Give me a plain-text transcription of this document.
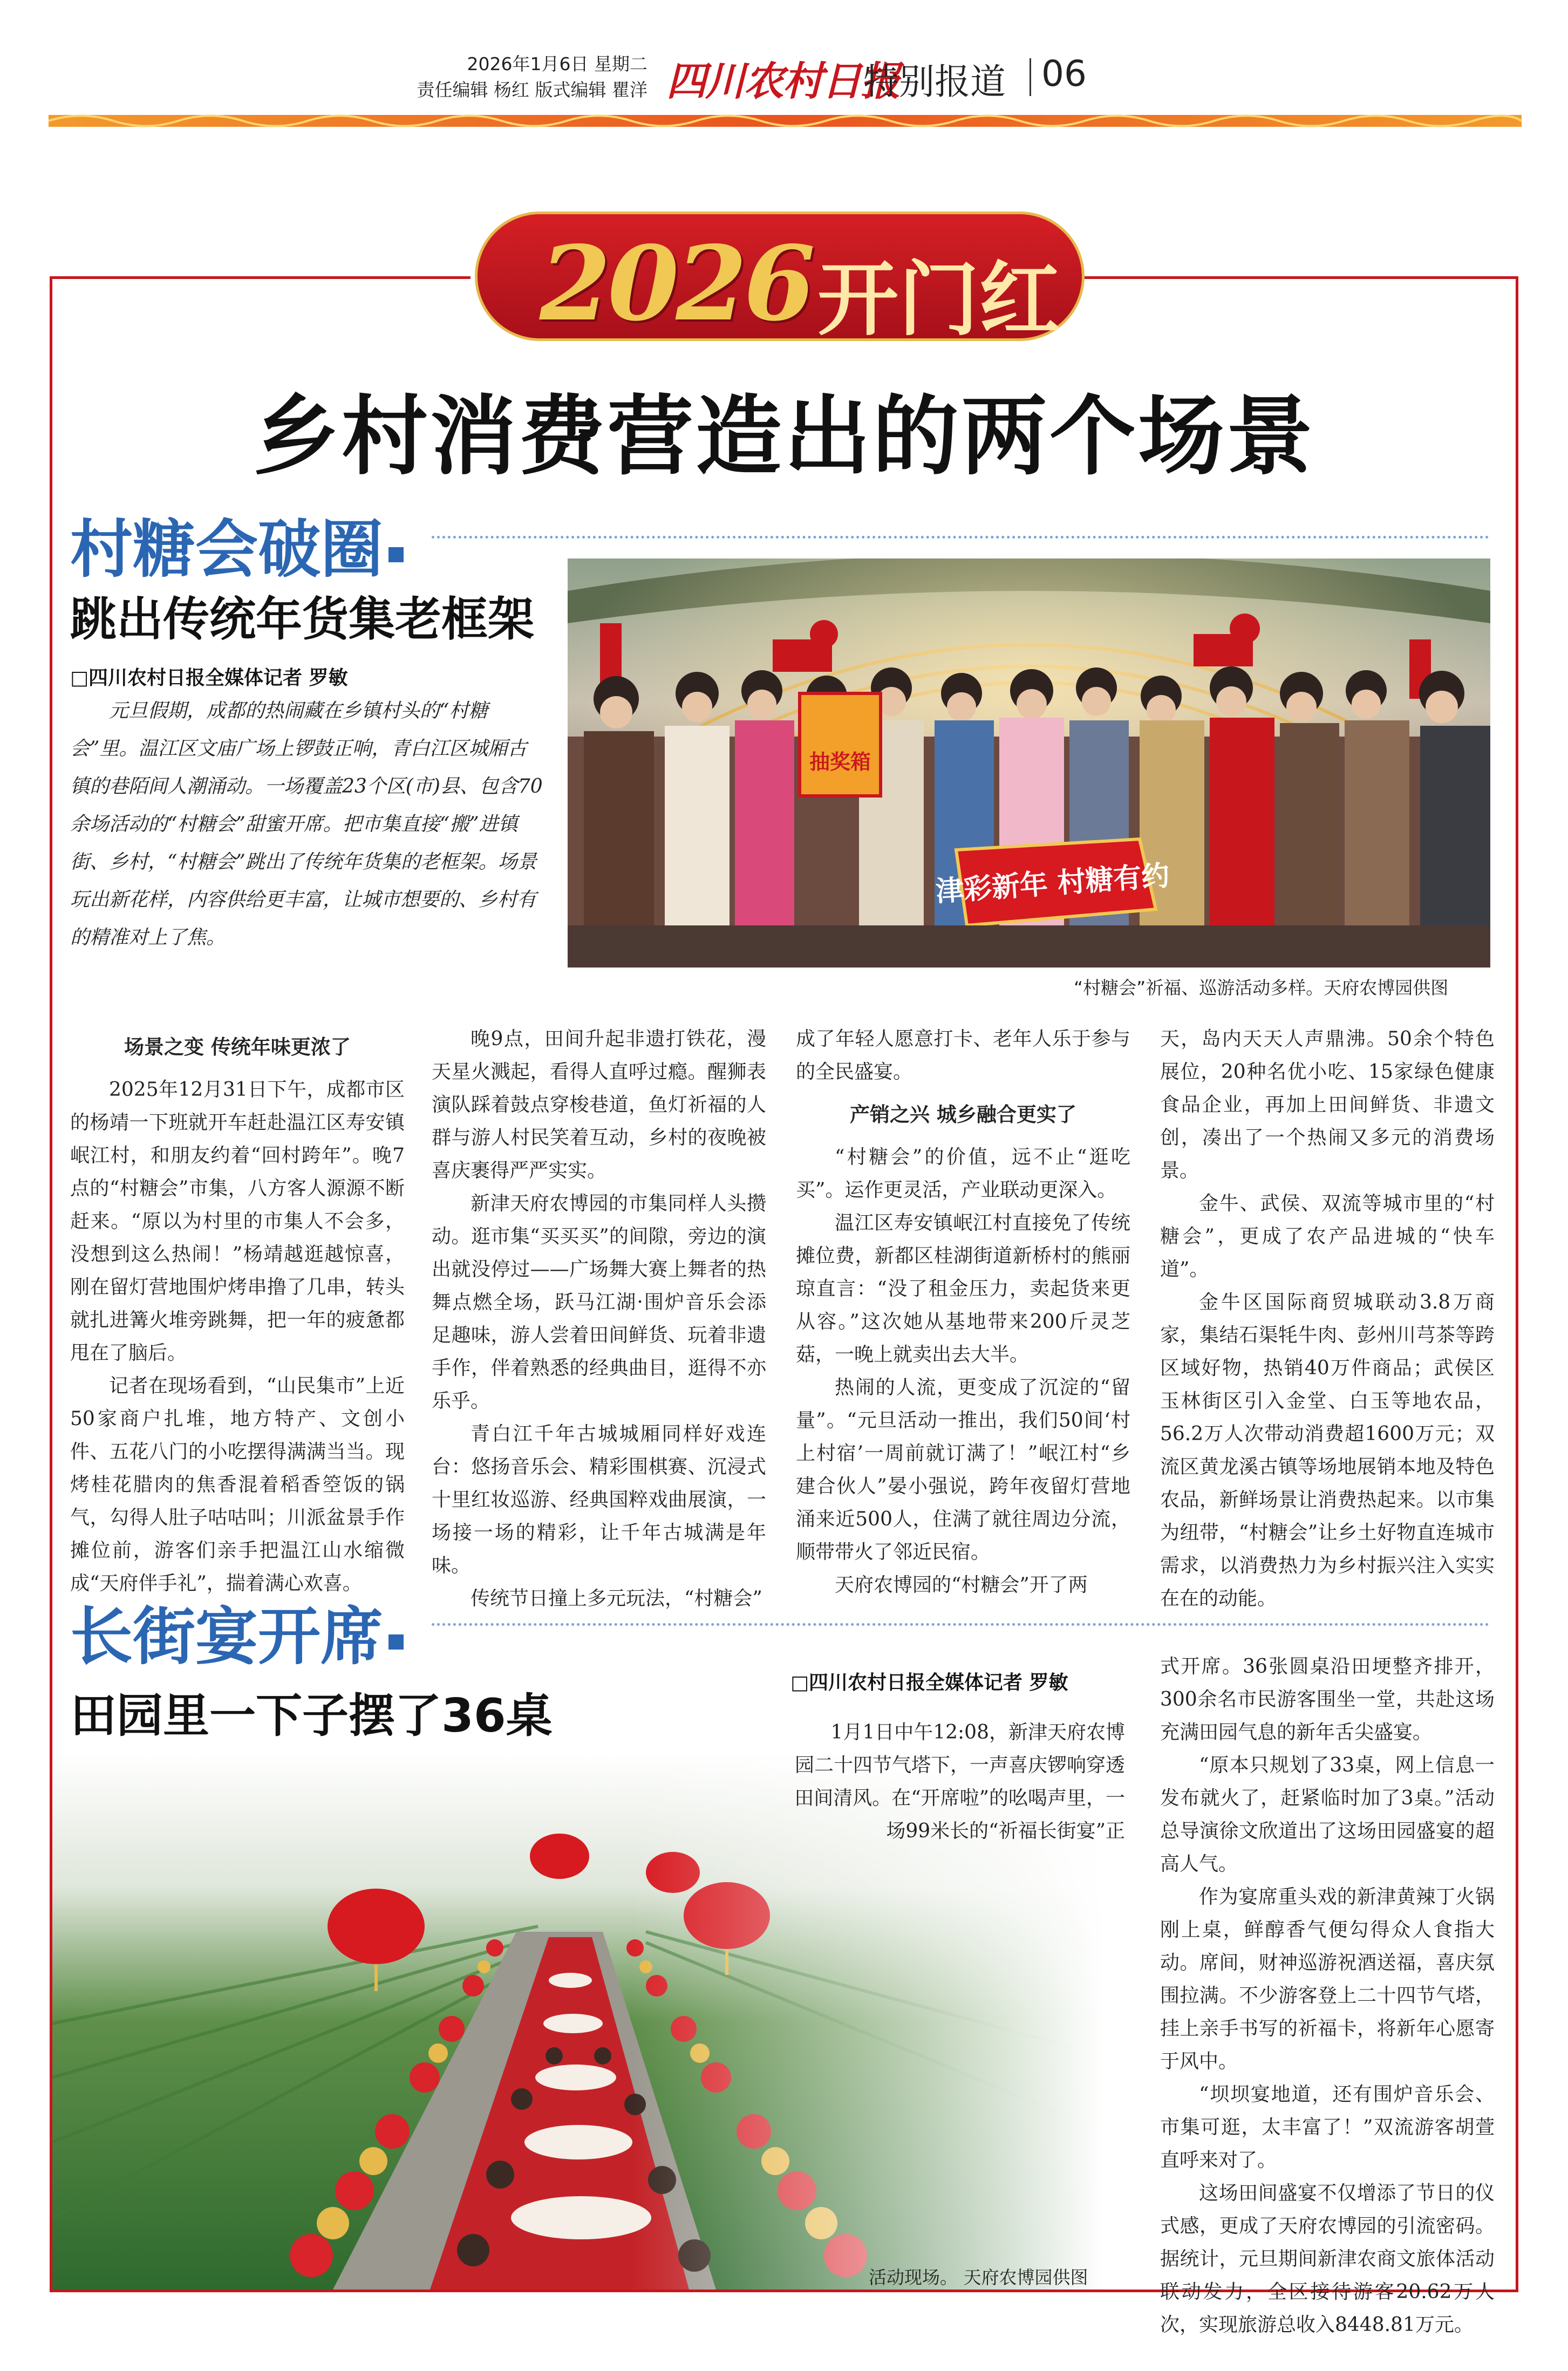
2026年1月6日 星期二
责任编辑 杨红 版式编辑 瞿洋 四川农村日报
特别报道 06
2026 开门红
乡村消费营造出的两个场景
村糖会破圈
跳出传统年货集老框架
□四川农村日报全媒体记者 罗敏
元旦假期，成都的热闹藏在乡镇村头的“村糖会”里。温江区文庙广场上锣鼓正响，青白江区城厢古镇的巷陌间人潮涌动。一场覆盖23个区(市)县、包含70余场活动的“村糖会”甜蜜开席。把市集直接“搬”进镇街、乡村，“村糖会”跳出了传统年货集的老框架。场景玩出新花样，内容供给更丰富，让城市想要的、乡村有的精准对上了焦。
抽奖箱
津彩新年 村糖有约
“村糖会”祈福、巡游活动多样。天府农博园供图

场景之变 传统年味更浓了

2025年12月31日下午，成都市区的杨靖一下班就开车赶赴温江区寿安镇岷江村，和朋友约着“回村跨年”。晚7点的“村糖会”市集，八方客人源源不断赶来。“原以为村里的市集人不会多，没想到这么热闹！”杨靖越逛越惊喜，刚在留灯营地围炉烤串撸了几串，转头就扎进篝火堆旁跳舞，把一年的疲惫都甩在了脑后。

记者在现场看到，“山民集市”上近50家商户扎堆，地方特产、文创小件、五花八门的小吃摆得满满当当。现烤桂花腊肉的焦香混着稻香箜饭的锅气，勾得人肚子咕咕叫；川派盆景手作摊位前，游客们亲手把温江山水缩微成“天府伴手礼”，揣着满心欢喜。

晚9点，田间升起非遗打铁花，漫天星火溅起，看得人直呼过瘾。醒狮表演队踩着鼓点穿梭巷道，鱼灯祈福的人群与游人村民笑着互动，乡村的夜晚被喜庆裹得严严实实。

新津天府农博园的市集同样人头攒动。逛市集“买买买”的间隙，旁边的演出就没停过——广场舞大赛上舞者的热舞点燃全场，跃马江湖·围炉音乐会添足趣味，游人尝着田间鲜货、玩着非遗手作，伴着熟悉的经典曲目，逛得不亦乐乎。

青白江千年古城城厢同样好戏连台：悠扬音乐会、精彩围棋赛、沉浸式十里红妆巡游、经典国粹戏曲展演，一场接一场的精彩，让千年古城满是年味。

传统节日撞上多元玩法，“村糖会”

成了年轻人愿意打卡、老年人乐于参与的全民盛宴。

产销之兴 城乡融合更实了

“村糖会”的价值，远不止“逛吃买”。运作更灵活，产业联动更深入。

温江区寿安镇岷江村直接免了传统摊位费，新都区桂湖街道新桥村的熊丽琼直言：“没了租金压力，卖起货来更从容。”这次她从基地带来200斤灵芝菇，一晚上就卖出去大半。

热闹的人流，更变成了沉淀的“留量”。“元旦活动一推出，我们50间‘村上村宿’一周前就订满了！”岷江村“乡建合伙人”晏小强说，跨年夜留灯营地涌来近500人，住满了就往周边分流，顺带带火了邻近民宿。

天府农博园的“村糖会”开了两

天，岛内天天人声鼎沸。50余个特色展位，20种名优小吃、15家绿色健康食品企业，再加上田间鲜货、非遗文创，凑出了一个热闹又多元的消费场景。

金牛、武侯、双流等城市里的“村糖会”，更成了农产品进城的“快车道”。

金牛区国际商贸城联动3.8万商家，集结石渠牦牛肉、彭州川芎茶等跨区域好物，热销40万件商品；武侯区玉林街区引入金堂、白玉等地农品，56.2万人次带动消费超1600万元；双流区黄龙溪古镇等场地展销本地及特色农品，新鲜场景让消费热起来。以市集为纽带，“村糖会”让乡土好物直连城市需求，以消费热力为乡村振兴注入实实在在的动能。

长街宴开席
田园里一下子摆了36桌
活动现场。 天府农博园供图
□四川农村日报全媒体记者 罗敏

1月1日中午12:08，新津天府农博园二十四节气塔下，一声喜庆锣响穿透田间清风。在“开席啦”的吆喝声里，一场99米长的“祈福长街宴”正

式开席。36张圆桌沿田埂整齐排开，300余名市民游客围坐一堂，共赴这场充满田园气息的新年舌尖盛宴。

“原本只规划了33桌，网上信息一发布就火了，赶紧临时加了3桌。”活动总导演徐文欣道出了这场田园盛宴的超高人气。

作为宴席重头戏的新津黄辣丁火锅刚上桌，鲜醇香气便勾得众人食指大动。席间，财神巡游祝酒送福，喜庆氛围拉满。不少游客登上二十四节气塔，挂上亲手书写的祈福卡，将新年心愿寄于风中。

“坝坝宴地道，还有围炉音乐会、市集可逛，太丰富了！”双流游客胡萱直呼来对了。

这场田间盛宴不仅增添了节日的仪式感，更成了天府农博园的引流密码。据统计，元旦期间新津农商文旅体活动联动发力，全区接待游客20.62万人次，实现旅游总收入8448.81万元。
